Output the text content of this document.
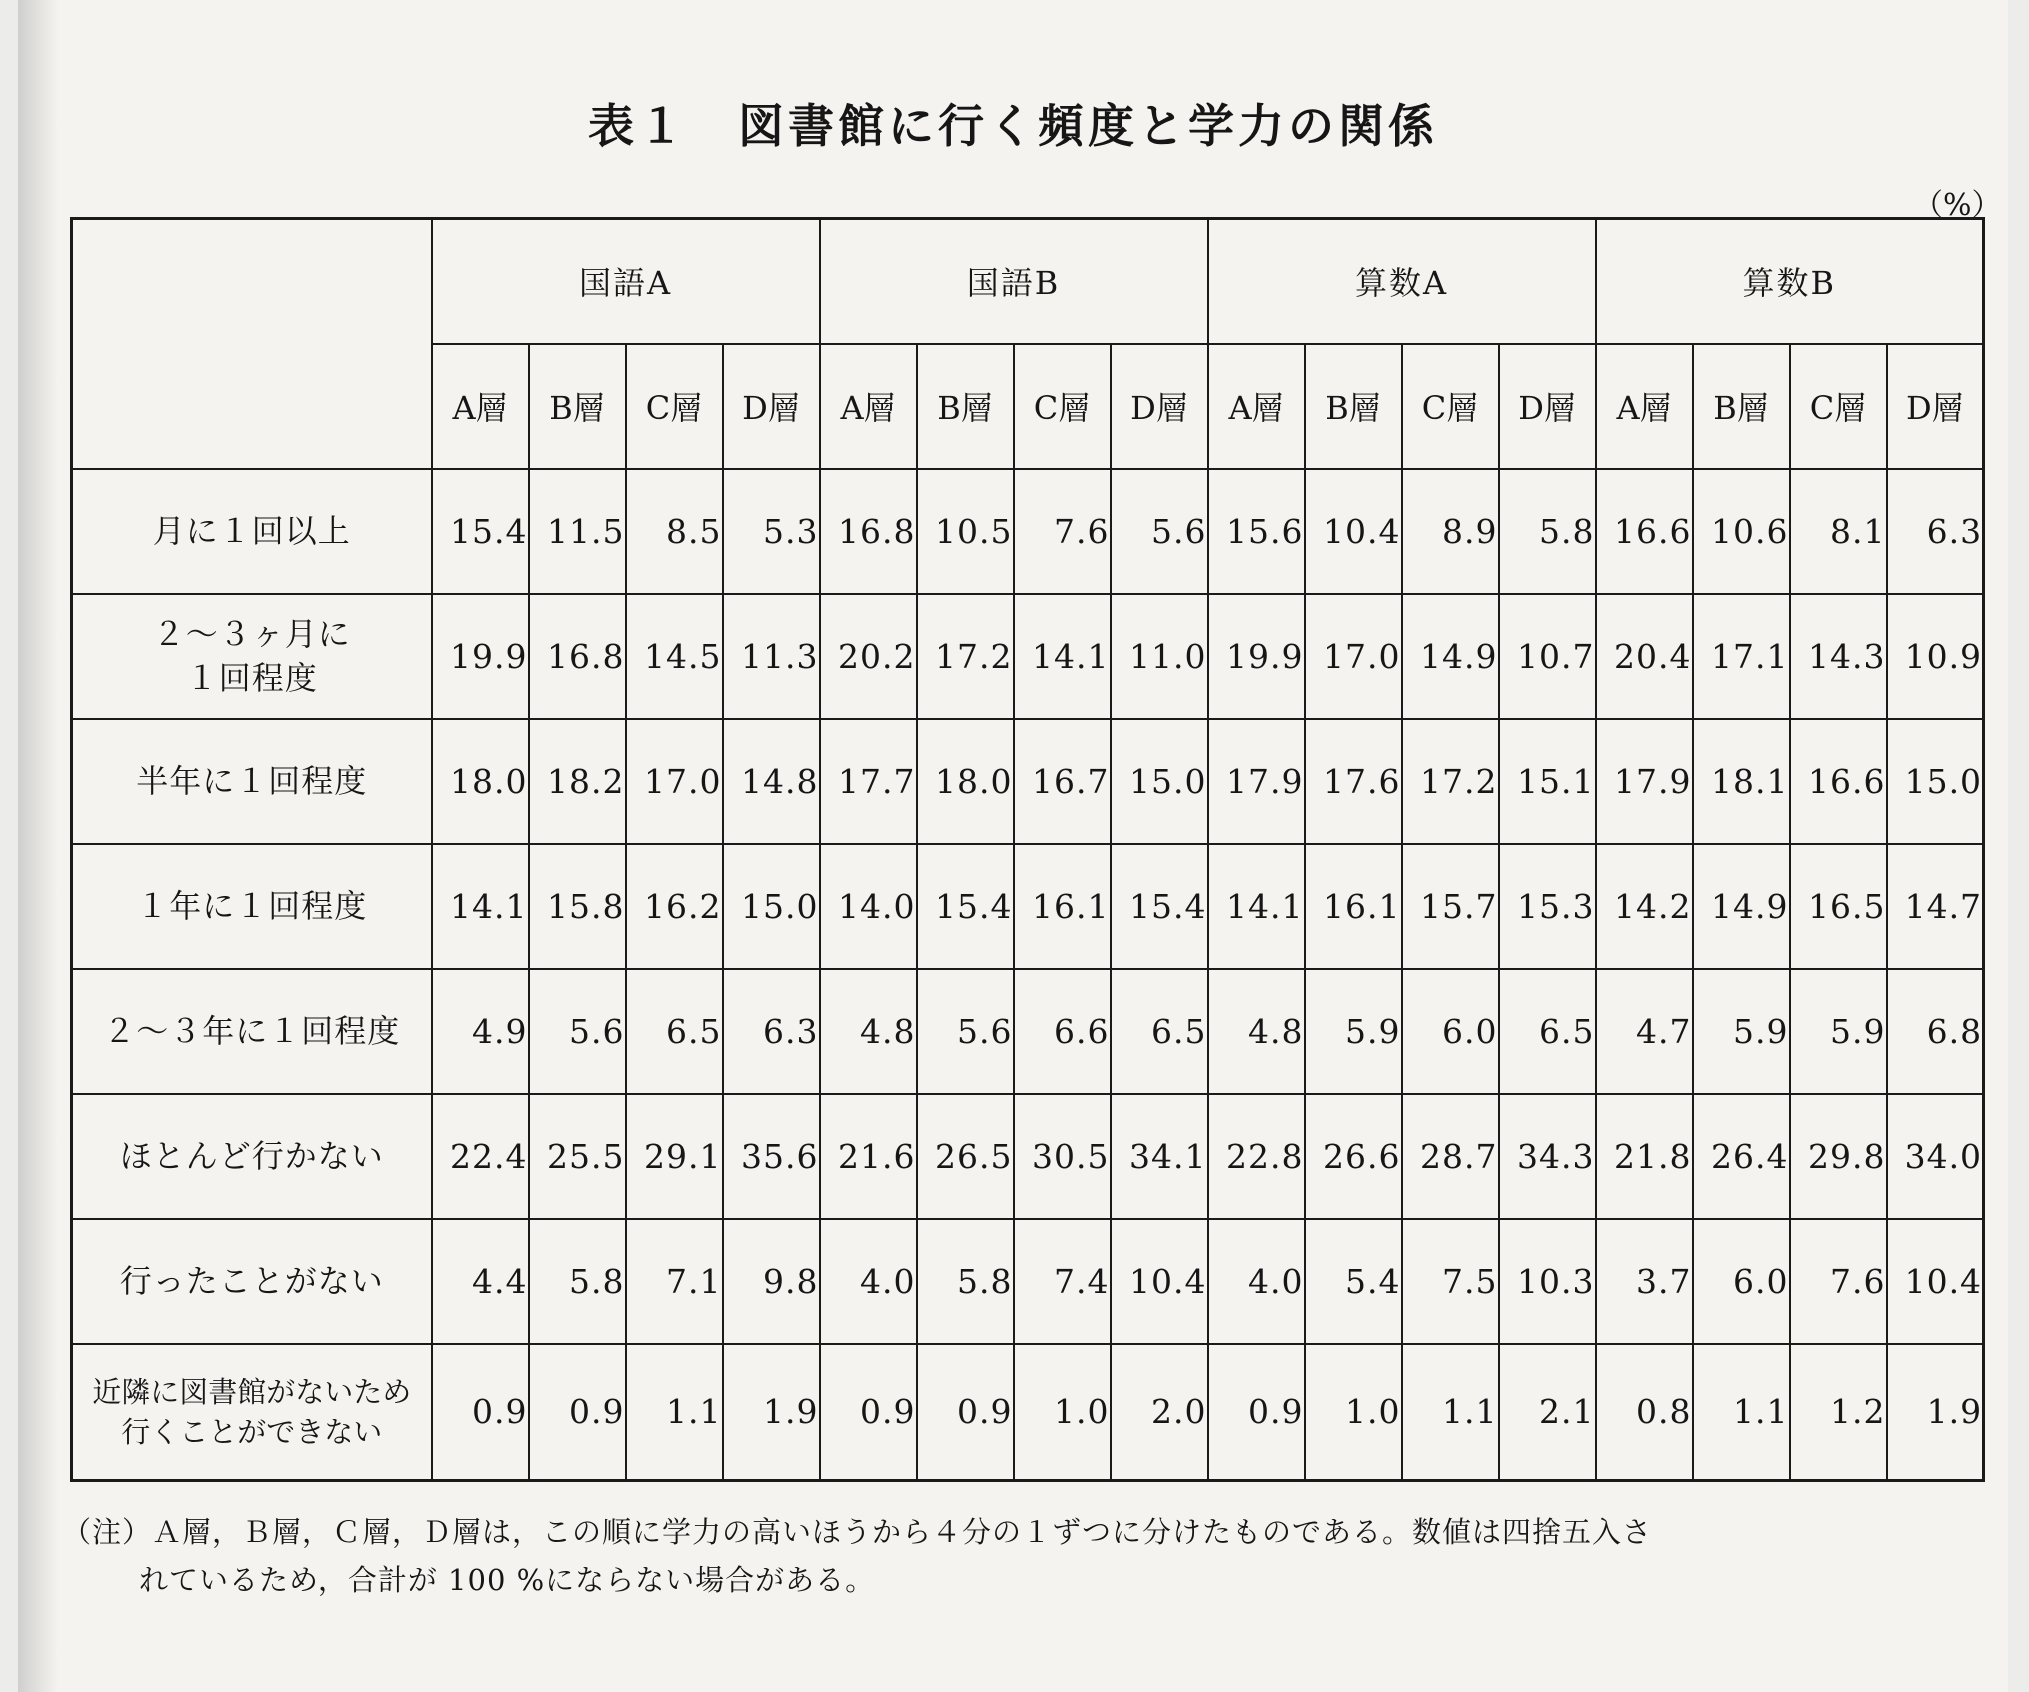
表１　図書館に行く頻度と学力の関係
（%）
	国語A				国語B				算数A				算数B			
	A層	B層	C層	D層	A層	B層	C層	D層	A層	B層	C層	D層	A層	B層	C層	D層
月に１回以上	15.4	11.5	8.5	5.3	16.8	10.5	7.6	5.6	15.6	10.4	8.9	5.8	16.6	10.6	8.1	6.3
２～３ヶ月に
１回程度	19.9	16.8	14.5	11.3	20.2	17.2	14.1	11.0	19.9	17.0	14.9	10.7	20.4	17.1	14.3	10.9
半年に１回程度	18.0	18.2	17.0	14.8	17.7	18.0	16.7	15.0	17.9	17.6	17.2	15.1	17.9	18.1	16.6	15.0
１年に１回程度	14.1	15.8	16.2	15.0	14.0	15.4	16.1	15.4	14.1	16.1	15.7	15.3	14.2	14.9	16.5	14.7
２～３年に１回程度	4.9	5.6	6.5	6.3	4.8	5.6	6.6	6.5	4.8	5.9	6.0	6.5	4.7	5.9	5.9	6.8
ほとんど行かない	22.4	25.5	29.1	35.6	21.6	26.5	30.5	34.1	22.8	26.6	28.7	34.3	21.8	26.4	29.8	34.0
行ったことがない	4.4	5.8	7.1	9.8	4.0	5.8	7.4	10.4	4.0	5.4	7.5	10.3	3.7	6.0	7.6	10.4
近隣に図書館がないため
行くことができない	0.9	0.9	1.1	1.9	0.9	0.9	1.0	2.0	0.9	1.0	1.1	2.1	0.8	1.1	1.2	1.9
（注）Ａ層，Ｂ層，Ｃ層，Ｄ層は，この順に学力の高いほうから４分の１ずつに分けたものである。数値は四捨五入さ
れているため，合計が 100 %にならない場合がある。
